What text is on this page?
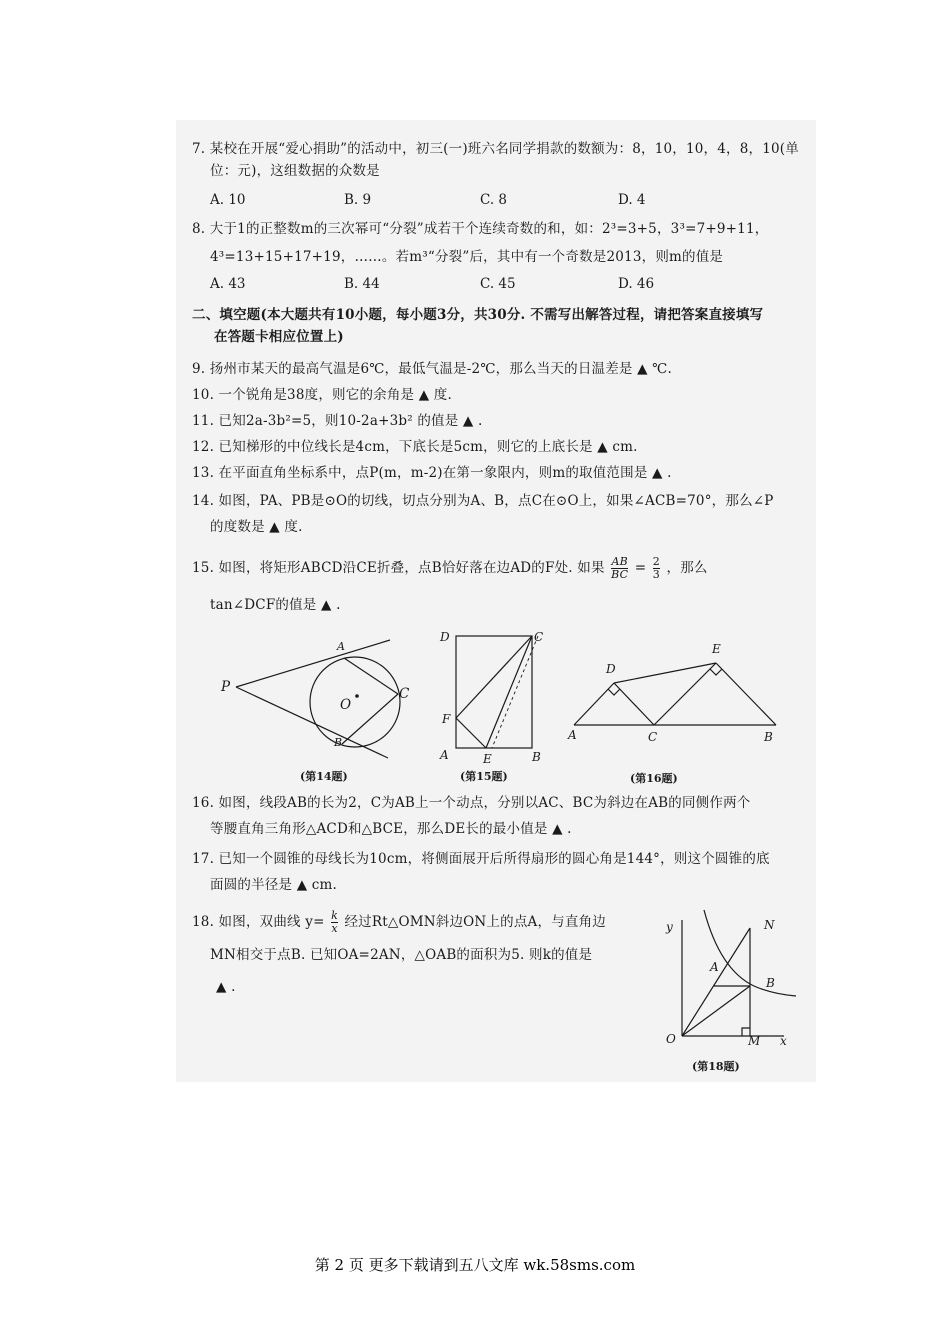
7. 某校在开展“爱心捐助”的活动中，初三(一)班六名同学捐款的数额为：8，10，10，4，8，10(单
位：元)，这组数据的众数是
A. 10	B. 9	C. 8	D. 4
8. 大于1的正整数m的三次幂可“分裂”成若干个连续奇数的和，如：2³=3+5，3³=7+9+11，
4³=13+15+17+19，……。若m³“分裂”后，其中有一个奇数是2013，则m的值是
A. 43	B. 44	C. 45	D. 46
二、填空题(本大题共有10小题，每小题3分，共30分. 不需写出解答过程，请把答案直接填写
在答题卡相应位置上)
9. 扬州市某天的最高气温是6℃，最低气温是-2℃，那么当天的日温差是 ▲ ℃.
10. 一个锐角是38度，则它的余角是 ▲ 度.
11. 已知2a-3b²=5，则10-2a+3b² 的值是 ▲ .
12. 已知梯形的中位线长是4cm，下底长是5cm，则它的上底长是 ▲ cm.
13. 在平面直角坐标系中，点P(m，m-2)在第一象限内，则m的取值范围是 ▲ .
14. 如图，PA、PB是⊙O的切线，切点分别为A、B，点C在⊙O上，如果∠ACB=70°，那么∠P
的度数是 ▲ 度.
15. 如图，将矩形ABCD沿CE折叠，点B恰好落在边AD的F处. 如果 $\frac{AB}{BC} = \frac{2}{3}$ ，那么
tan∠DCF的值是 ▲ .
P
A
O
C
B
(第14题)
D	C
F
A	E	B
(第15题)
D
E
A	C	B
(第16题)
16. 如图，线段AB的长为2，C为AB上一个动点，分别以AC、BC为斜边在AB的同侧作两个
等腰直角三角形△ACD和△BCE，那么DE长的最小值是 ▲ .
17. 已知一个圆锥的母线长为10cm，将侧面展开后所得扇形的圆心角是144°，则这个圆锥的底
面圆的半径是 ▲ cm.
18. 如图，双曲线 $y= \frac{k}{x}$ 经过Rt△OMN斜边ON上的点A，与直角边
MN相交于点B. 已知OA=2AN，△OAB的面积为5. 则k的值是
▲ .
y	N
A
B
O	M x
(第18题)
第 2 页 更多下载请到五八文库 wk.58sms.com
